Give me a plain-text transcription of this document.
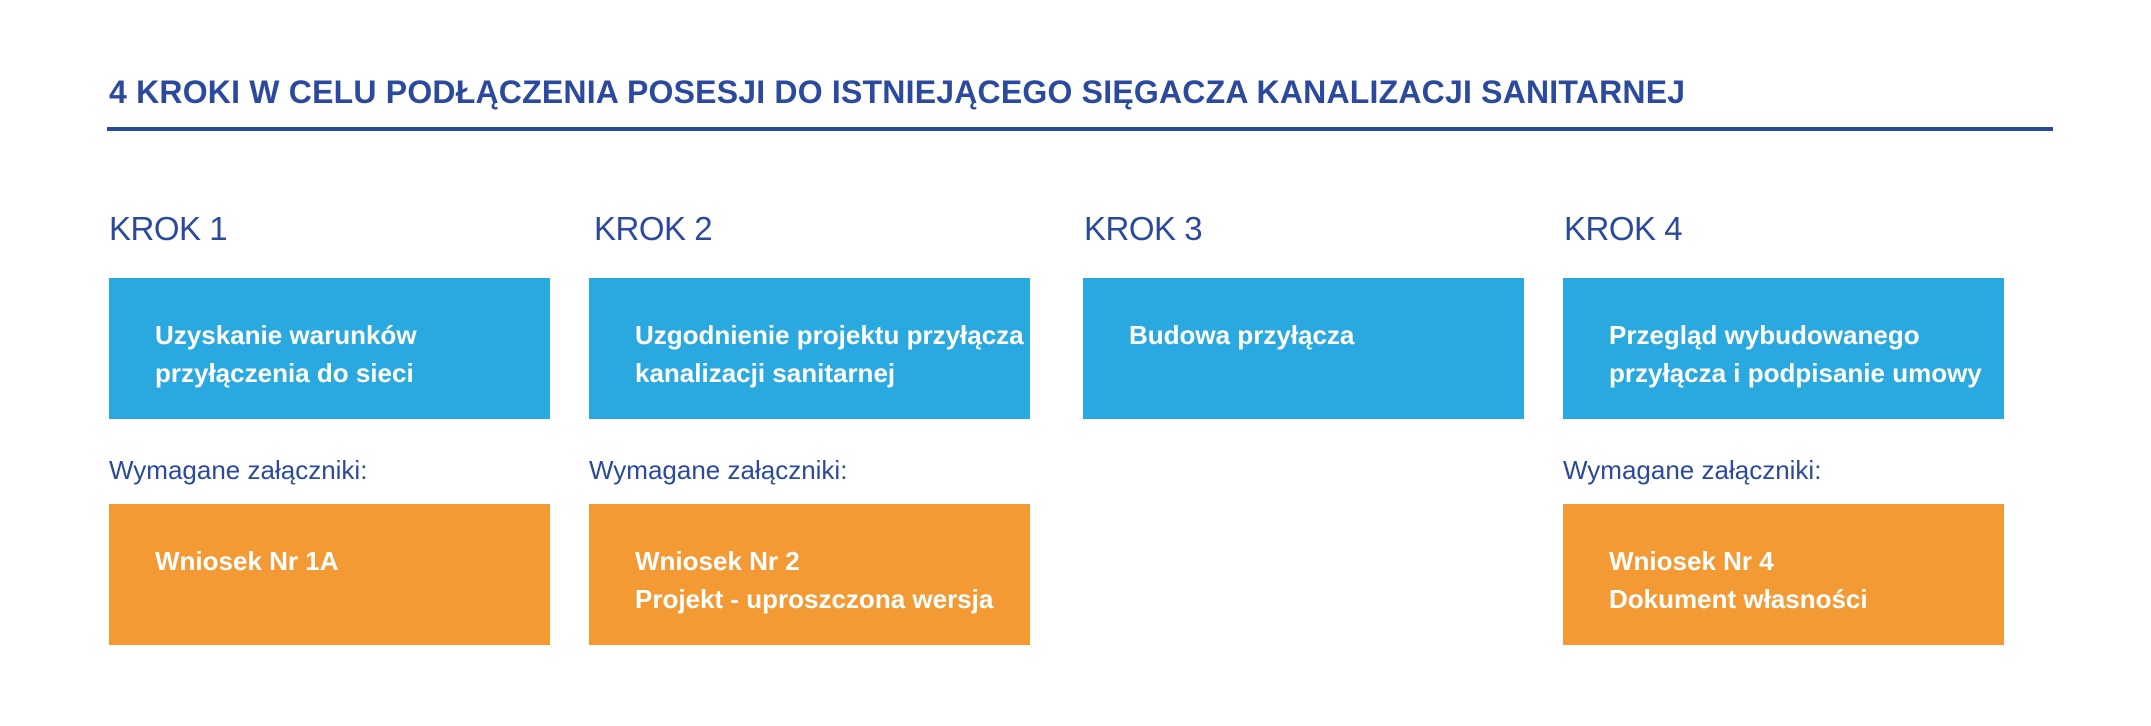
4 KROKI W CELU PODŁĄCZENIA POSESJI DO ISTNIEJĄCEGO SIĘGACZA KANALIZACJI SANITARNEJ
KROK 1
Uzyskanie warunków
przyłączenia do sieci
Wymagane załączniki:
Wniosek Nr 1A
KROK 2
Uzgodnienie projektu przyłącza
kanalizacji sanitarnej
Wymagane załączniki:
Wniosek Nr 2
Projekt - uproszczona wersja
KROK 3
Budowa przyłącza
KROK 4
Przegląd wybudowanego
przyłącza i podpisanie umowy
Wymagane załączniki:
Wniosek Nr 4
Dokument własności
